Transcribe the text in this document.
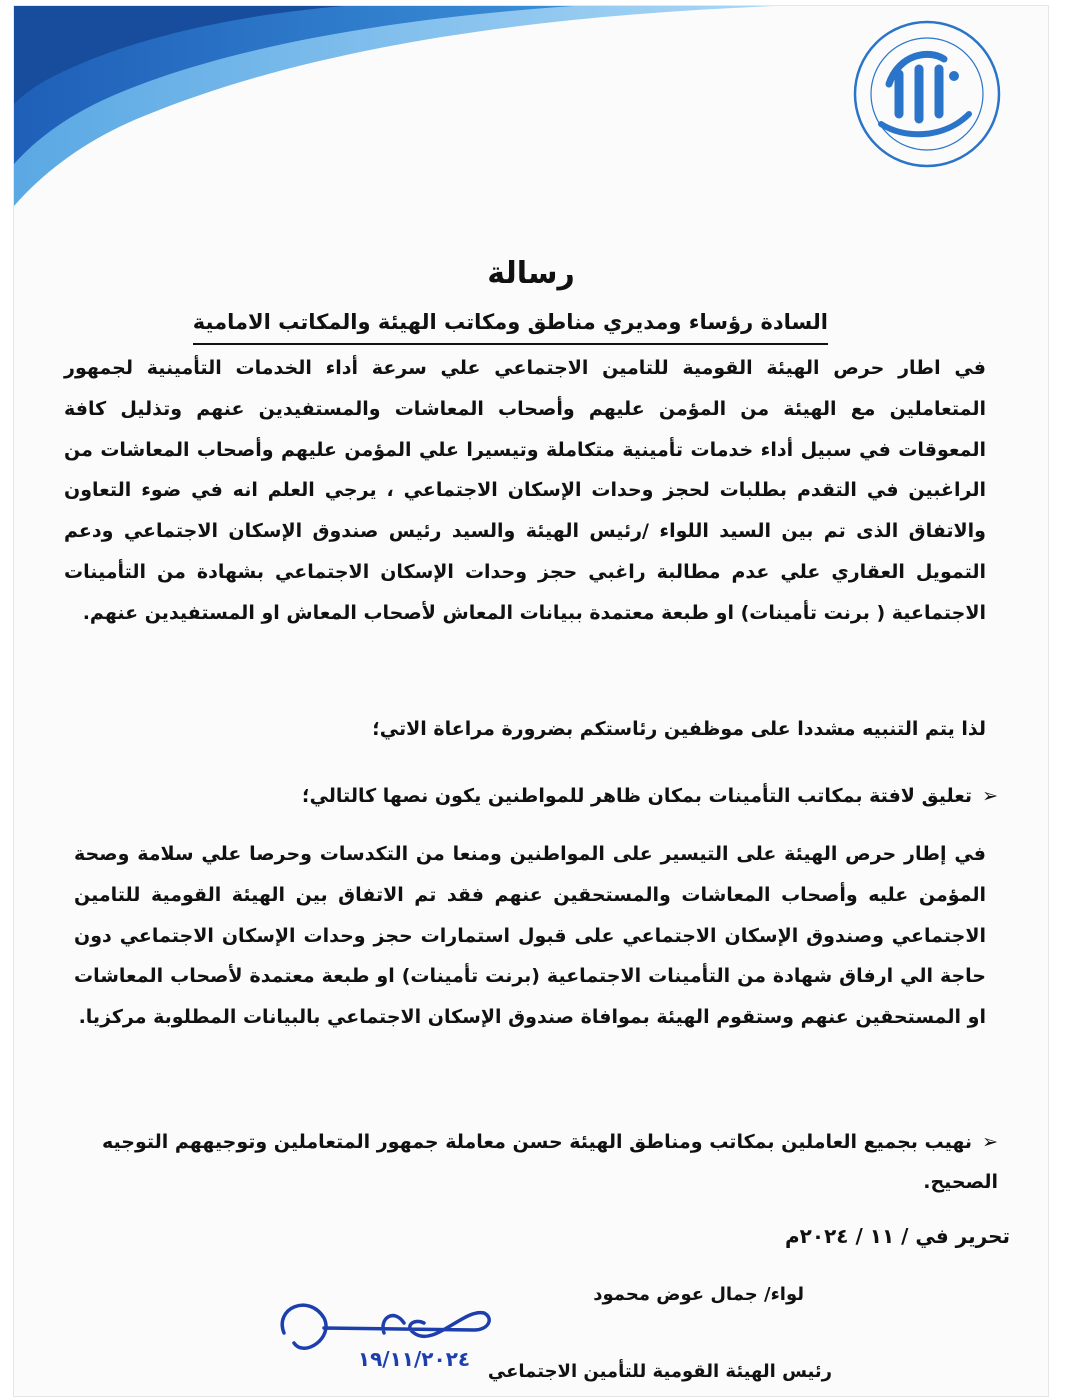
رسالة
السادة رؤساء ومديري مناطق ومكاتب الهيئة والمكاتب الامامية
في اطار حرص الهيئة القومية للتامين الاجتماعي علي سرعة أداء الخدمات التأمينية لجمهور المتعاملين مع الهيئة من المؤمن عليهم وأصحاب المعاشات والمستفيدين عنهم وتذليل كافة المعوقات في سبيل أداء خدمات تأمينية متكاملة وتيسيرا علي المؤمن عليهم وأصحاب المعاشات من الراغبين في التقدم بطلبات لحجز وحدات الإسكان الاجتماعي ، يرجي العلم انه في ضوء التعاون والاتفاق الذى تم بين السيد اللواء /رئيس الهيئة والسيد رئيس صندوق الإسكان الاجتماعي ودعم التمويل العقاري علي عدم مطالبة راغبي حجز وحدات الإسكان الاجتماعي بشهادة من التأمينات الاجتماعية ( برنت تأمينات) او طبعة معتمدة ببيانات المعاش لأصحاب المعاش او المستفيدين عنهم.
لذا يتم التنبيه مشددا على موظفين رئاستكم بضرورة مراعاة الاتي؛
➢تعليق لافتة بمكاتب التأمينات بمكان ظاهر للمواطنين يكون نصها كالتالي؛
في إطار حرص الهيئة على التيسير على المواطنين ومنعا من التكدسات وحرصا علي سلامة وصحة المؤمن عليه وأصحاب المعاشات والمستحقين عنهم فقد تم الاتفاق بين الهيئة القومية للتامين الاجتماعي وصندوق الإسكان الاجتماعي على قبول استمارات حجز وحدات الإسكان الاجتماعي دون حاجة الي ارفاق شهادة من التأمينات الاجتماعية (برنت تأمينات) او طبعة معتمدة لأصحاب المعاشات او المستحقين عنهم وستقوم الهيئة بموافاة صندوق الإسكان الاجتماعي بالبيانات المطلوبة مركزيا.
➢نهيب بجميع العاملين بمكاتب ومناطق الهيئة حسن معاملة جمهور المتعاملين وتوجيههم التوجيه الصحيح.
تحرير في / ١١ / ٢٠٢٤م
لواء/ جمال عوض محمود
١٩/١١/٢٠٢٤
رئيس الهيئة القومية للتأمين الاجتماعي
